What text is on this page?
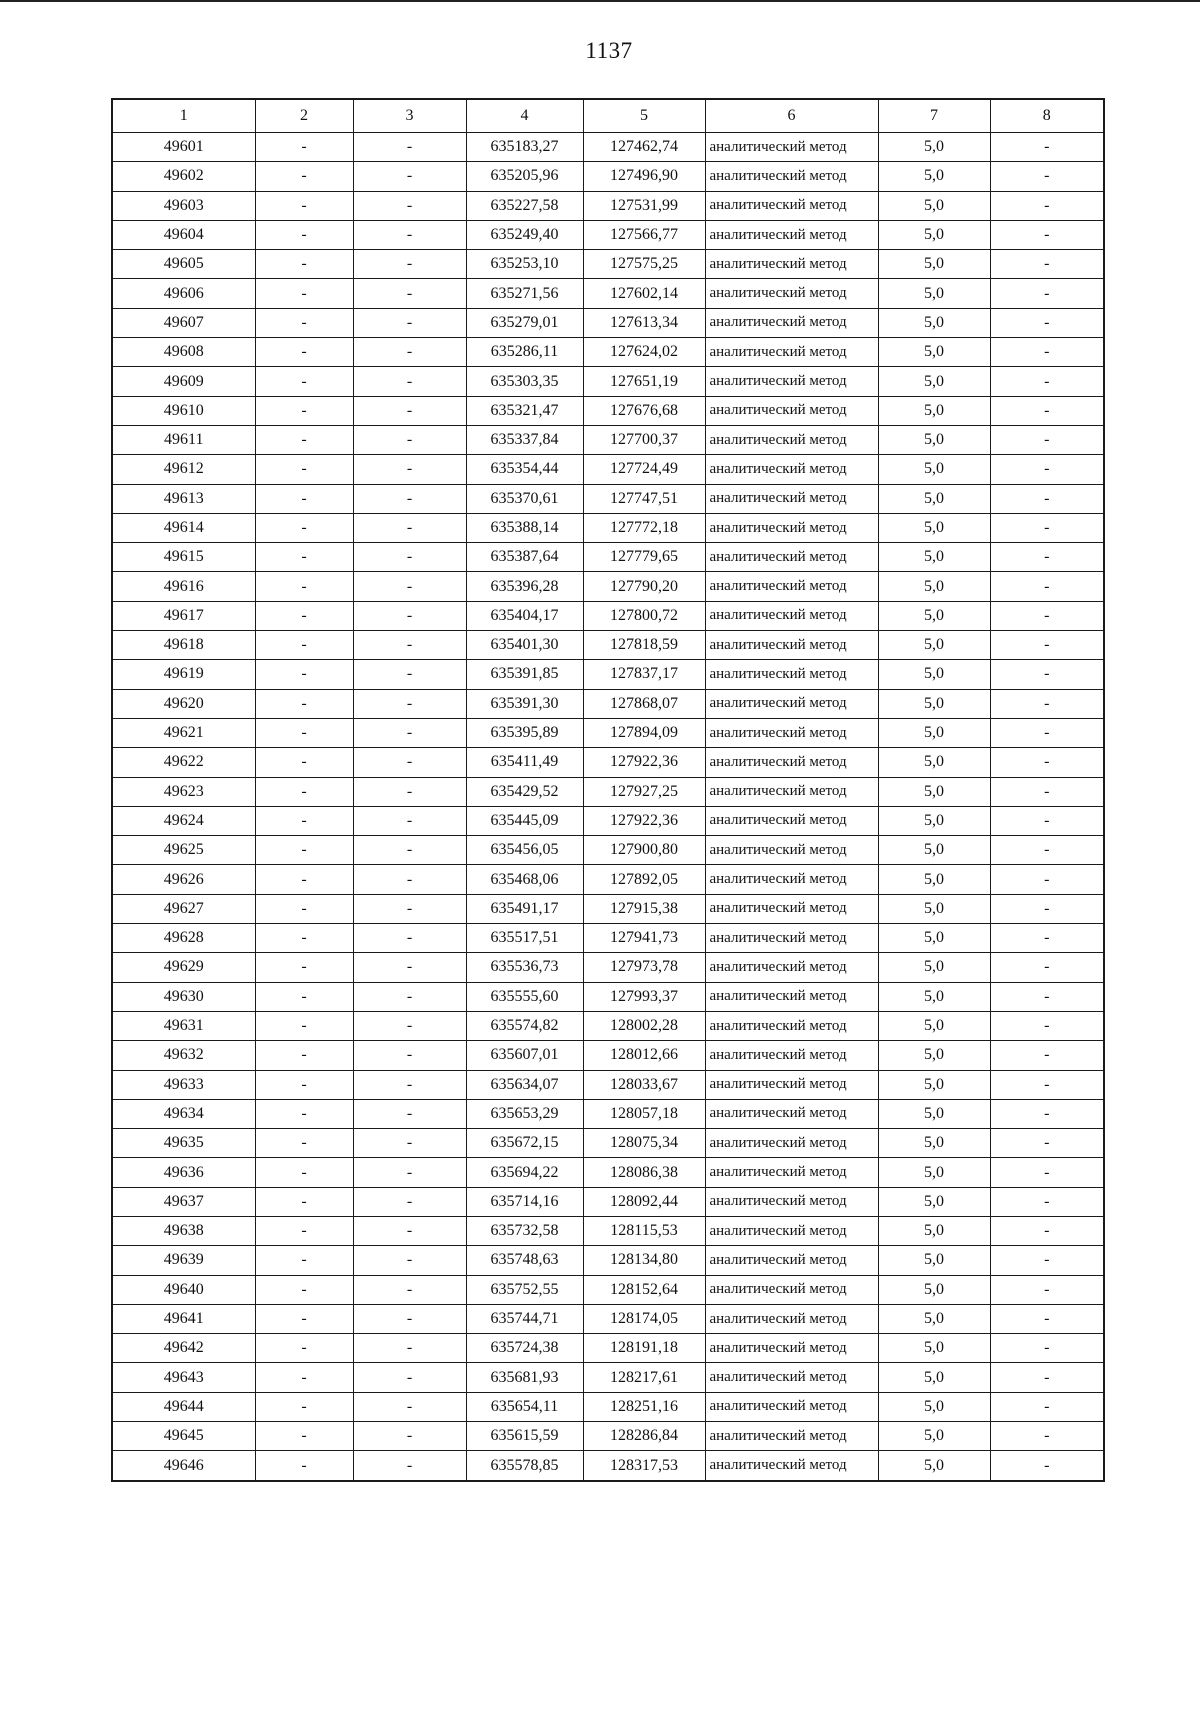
1137
1	2	3	4	5	6	7	8
49601	-	-	635183,27	127462,74	аналитический метод	5,0	-
49602	-	-	635205,96	127496,90	аналитический метод	5,0	-
49603	-	-	635227,58	127531,99	аналитический метод	5,0	-
49604	-	-	635249,40	127566,77	аналитический метод	5,0	-
49605	-	-	635253,10	127575,25	аналитический метод	5,0	-
49606	-	-	635271,56	127602,14	аналитический метод	5,0	-
49607	-	-	635279,01	127613,34	аналитический метод	5,0	-
49608	-	-	635286,11	127624,02	аналитический метод	5,0	-
49609	-	-	635303,35	127651,19	аналитический метод	5,0	-
49610	-	-	635321,47	127676,68	аналитический метод	5,0	-
49611	-	-	635337,84	127700,37	аналитический метод	5,0	-
49612	-	-	635354,44	127724,49	аналитический метод	5,0	-
49613	-	-	635370,61	127747,51	аналитический метод	5,0	-
49614	-	-	635388,14	127772,18	аналитический метод	5,0	-
49615	-	-	635387,64	127779,65	аналитический метод	5,0	-
49616	-	-	635396,28	127790,20	аналитический метод	5,0	-
49617	-	-	635404,17	127800,72	аналитический метод	5,0	-
49618	-	-	635401,30	127818,59	аналитический метод	5,0	-
49619	-	-	635391,85	127837,17	аналитический метод	5,0	-
49620	-	-	635391,30	127868,07	аналитический метод	5,0	-
49621	-	-	635395,89	127894,09	аналитический метод	5,0	-
49622	-	-	635411,49	127922,36	аналитический метод	5,0	-
49623	-	-	635429,52	127927,25	аналитический метод	5,0	-
49624	-	-	635445,09	127922,36	аналитический метод	5,0	-
49625	-	-	635456,05	127900,80	аналитический метод	5,0	-
49626	-	-	635468,06	127892,05	аналитический метод	5,0	-
49627	-	-	635491,17	127915,38	аналитический метод	5,0	-
49628	-	-	635517,51	127941,73	аналитический метод	5,0	-
49629	-	-	635536,73	127973,78	аналитический метод	5,0	-
49630	-	-	635555,60	127993,37	аналитический метод	5,0	-
49631	-	-	635574,82	128002,28	аналитический метод	5,0	-
49632	-	-	635607,01	128012,66	аналитический метод	5,0	-
49633	-	-	635634,07	128033,67	аналитический метод	5,0	-
49634	-	-	635653,29	128057,18	аналитический метод	5,0	-
49635	-	-	635672,15	128075,34	аналитический метод	5,0	-
49636	-	-	635694,22	128086,38	аналитический метод	5,0	-
49637	-	-	635714,16	128092,44	аналитический метод	5,0	-
49638	-	-	635732,58	128115,53	аналитический метод	5,0	-
49639	-	-	635748,63	128134,80	аналитический метод	5,0	-
49640	-	-	635752,55	128152,64	аналитический метод	5,0	-
49641	-	-	635744,71	128174,05	аналитический метод	5,0	-
49642	-	-	635724,38	128191,18	аналитический метод	5,0	-
49643	-	-	635681,93	128217,61	аналитический метод	5,0	-
49644	-	-	635654,11	128251,16	аналитический метод	5,0	-
49645	-	-	635615,59	128286,84	аналитический метод	5,0	-
49646	-	-	635578,85	128317,53	аналитический метод	5,0	-
